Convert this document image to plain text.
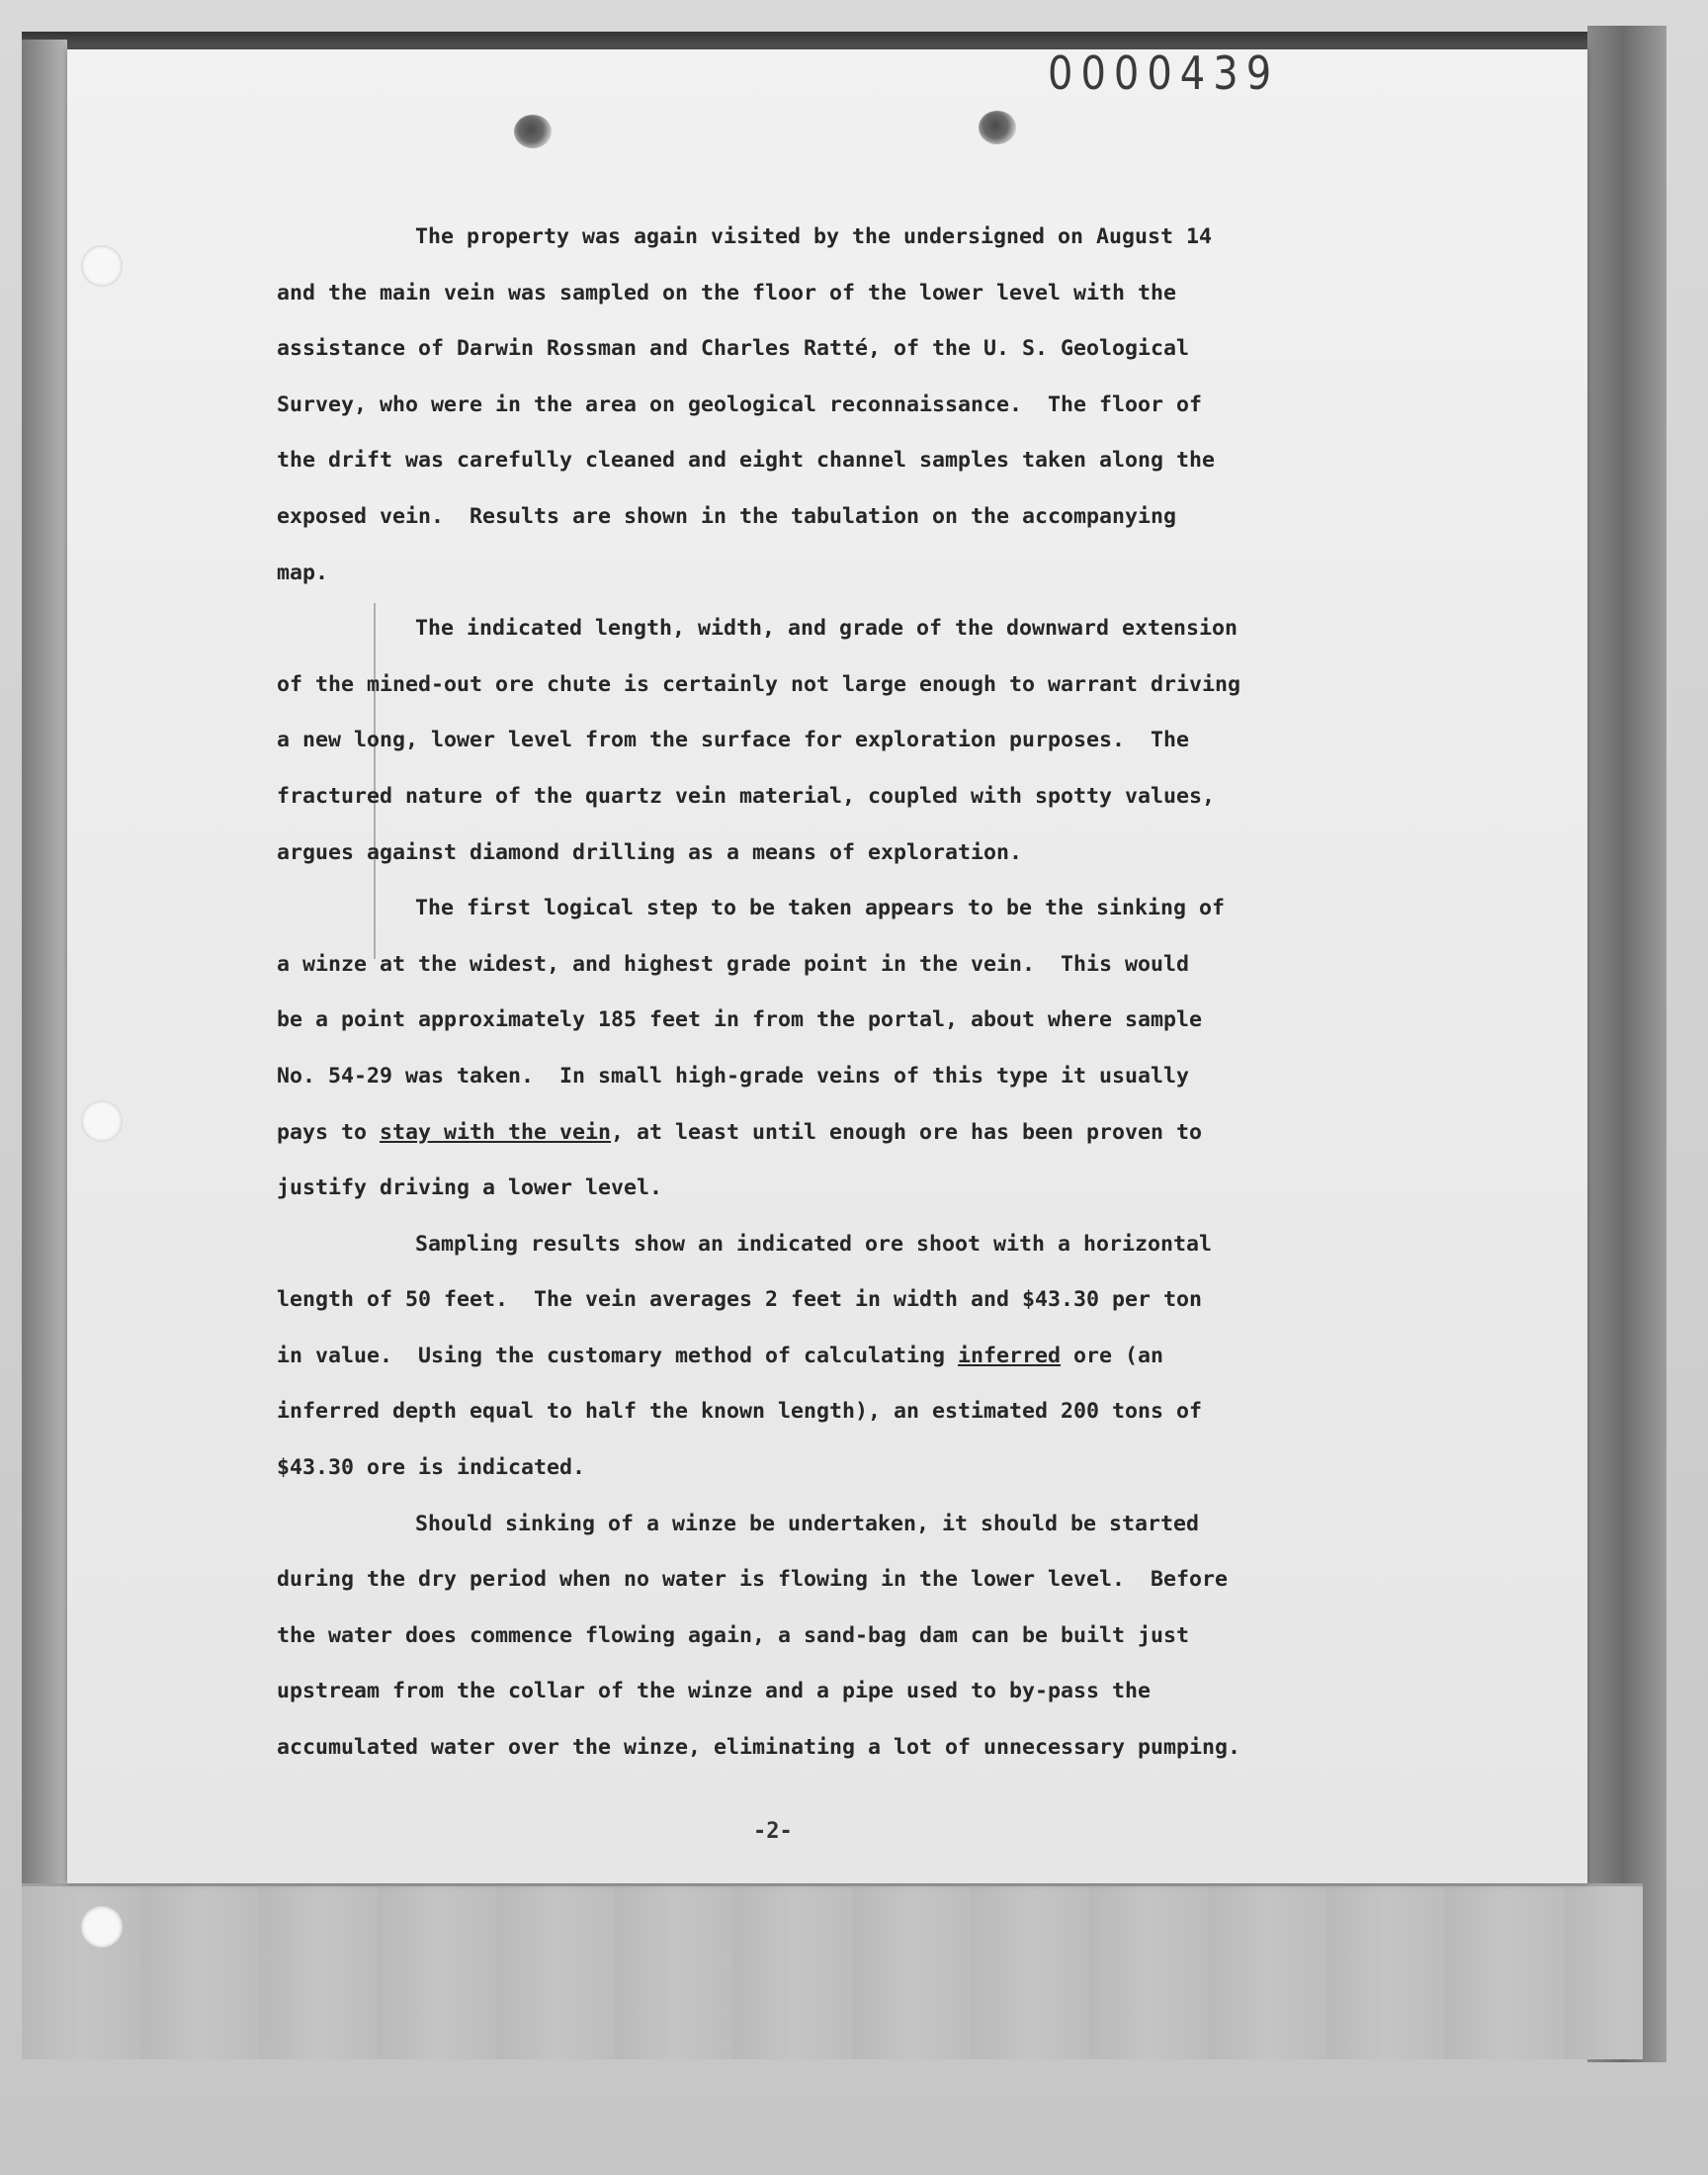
0000439
The property was again visited by the undersigned on August 14
and the main vein was sampled on the floor of the lower level with the
assistance of Darwin Rossman and Charles Ratté, of the U. S. Geological
Survey, who were in the area on geological reconnaissance.  The floor of
the drift was carefully cleaned and eight channel samples taken along the
exposed vein.  Results are shown in the tabulation on the accompanying
map.
The indicated length, width, and grade of the downward extension
of the mined-out ore chute is certainly not large enough to warrant driving
a new long, lower level from the surface for exploration purposes.  The
fractured nature of the quartz vein material, coupled with spotty values,
argues against diamond drilling as a means of exploration.
The first logical step to be taken appears to be the sinking of
a winze at the widest, and highest grade point in the vein.  This would
be a point approximately 185 feet in from the portal, about where sample
No. 54-29 was taken.  In small high-grade veins of this type it usually
pays to stay with the vein, at least until enough ore has been proven to
justify driving a lower level.
Sampling results show an indicated ore shoot with a horizontal
length of 50 feet.  The vein averages 2 feet in width and $43.30 per ton
in value.  Using the customary method of calculating inferred ore (an
inferred depth equal to half the known length), an estimated 200 tons of
$43.30 ore is indicated.
Should sinking of a winze be undertaken, it should be started
during the dry period when no water is flowing in the lower level.  Before
the water does commence flowing again, a sand-bag dam can be built just
upstream from the collar of the winze and a pipe used to by-pass the
accumulated water over the winze, eliminating a lot of unnecessary pumping.
-2-
